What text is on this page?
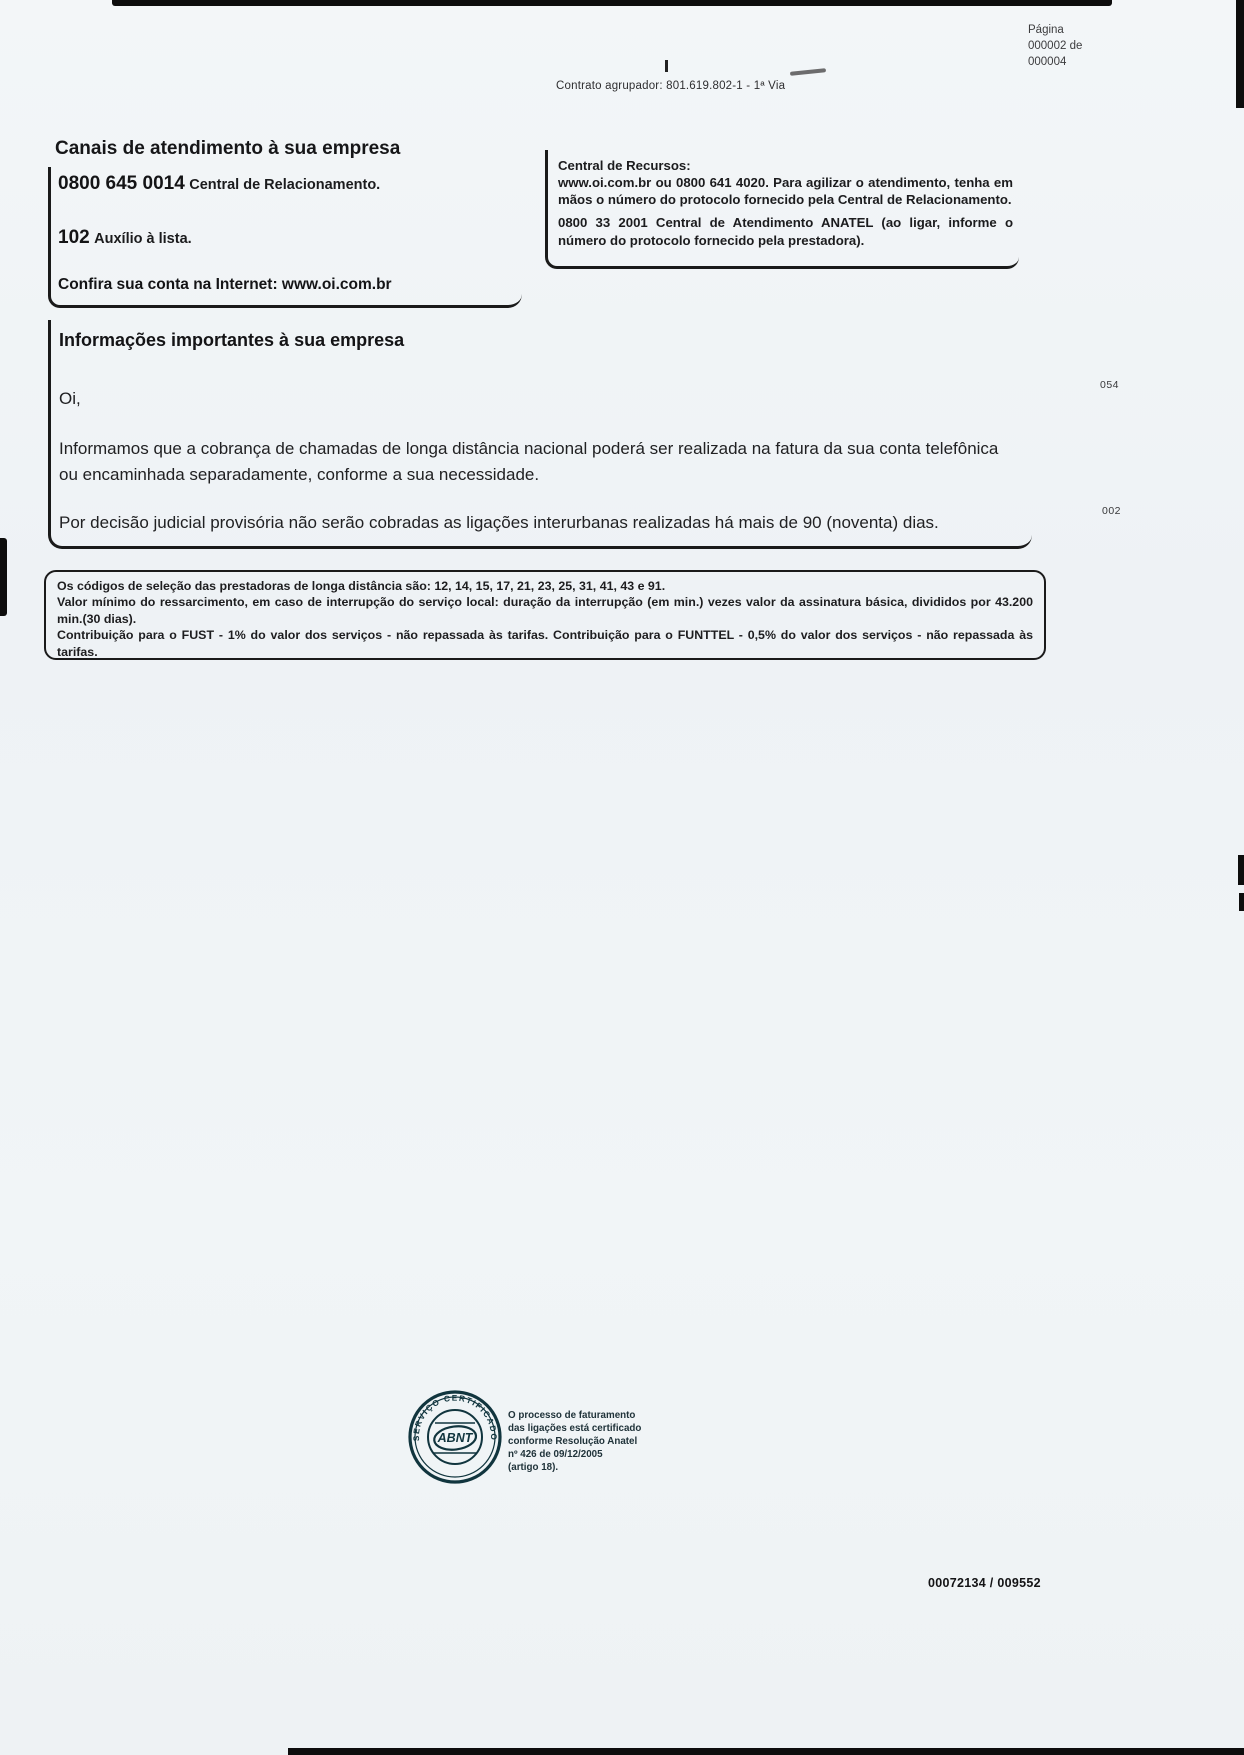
Página
000002 de
000004
Contrato agrupador: 801.619.802-1 - 1ª Via
Canais de atendimento à sua empresa
0800 645 0014 Central de Relacionamento.
102 Auxílio à lista.
Confira sua conta na Internet: www.oi.com.br
Central de Recursos:
www.oi.com.br ou 0800 641 4020. Para agilizar o atendimento, tenha em mãos o número do protocolo fornecido pela Central de Relacionamento.
0800 33 2001 Central de Atendimento ANATEL (ao ligar, informe o número do protocolo fornecido pela prestadora).
Informações importantes à sua empresa
Oi,

Informamos que a cobrança de chamadas de longa distância nacional poderá ser realizada na fatura da sua conta telefônica ou encaminhada separadamente, conforme a sua necessidade.

Por decisão judicial provisória não serão cobradas as ligações interurbanas realizadas há mais de 90 (noventa) dias.

054
002
Os códigos de seleção das prestadoras de longa distância são: 12, 14, 15, 17, 21, 23, 25, 31, 41, 43 e 91.
Valor mínimo do ressarcimento, em caso de interrupção do serviço local: duração da interrupção (em min.) vezes valor da assinatura básica, divididos por 43.200 min.(30 dias).
Contribuição para o FUST - 1% do valor dos serviços - não repassada às tarifas. Contribuição para o FUNTTEL - 0,5% do valor dos serviços - não repassada às tarifas.
SERVIÇO CERTIFICADO
ABNT
O processo de faturamento
das ligações está certificado
conforme Resolução Anatel
nº 426 de 09/12/2005
(artigo 18).
00072134 / 009552
